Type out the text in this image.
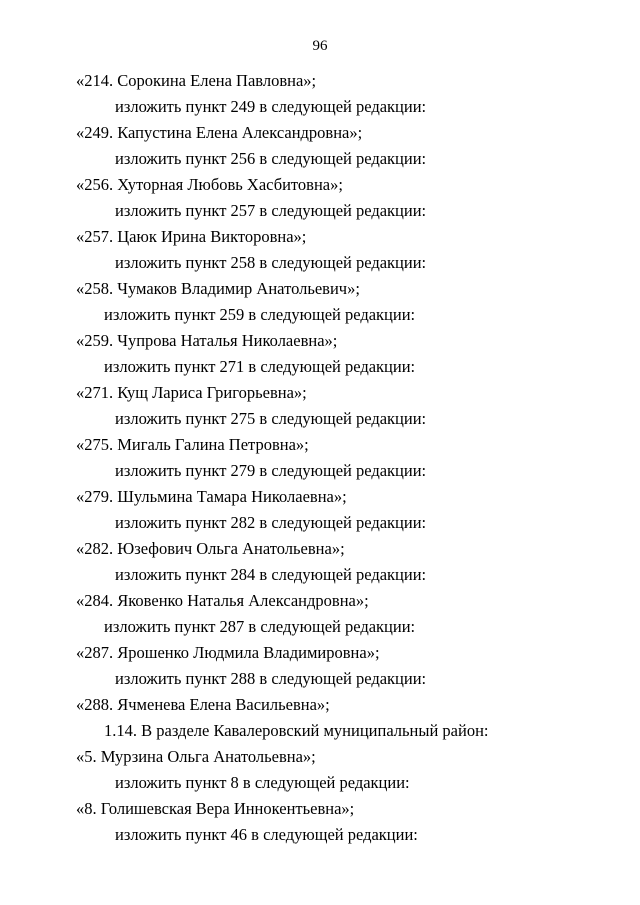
96
«214. Сорокина Елена Павловна»;
изложить пункт 249 в следующей редакции:
«249. Капустина Елена Александровна»;
изложить пункт 256 в следующей редакции:
«256. Хуторная Любовь Хасбитовна»;
изложить пункт 257 в следующей редакции:
«257. Цаюк Ирина Викторовна»;
изложить пункт 258 в следующей редакции:
«258. Чумаков Владимир Анатольевич»;
изложить пункт 259 в следующей редакции:
«259. Чупрова Наталья Николаевна»;
изложить пункт 271 в следующей редакции:
«271. Кущ Лариса Григорьевна»;
изложить пункт 275 в следующей редакции:
«275. Мигаль Галина Петровна»;
изложить пункт 279 в следующей редакции:
«279. Шульмина Тамара Николаевна»;
изложить пункт 282 в следующей редакции:
«282. Юзефович Ольга Анатольевна»;
изложить пункт 284 в следующей редакции:
«284. Яковенко Наталья Александровна»;
изложить пункт 287 в следующей редакции:
«287. Ярошенко Людмила Владимировна»;
изложить пункт 288 в следующей редакции:
«288. Ячменева Елена Васильевна»;
1.14. В разделе Кавалеровский муниципальный район:
«5. Мурзина Ольга Анатольевна»;
изложить пункт 8 в следующей редакции:
«8. Голишевская Вера Иннокентьевна»;
изложить пункт 46 в следующей редакции:
